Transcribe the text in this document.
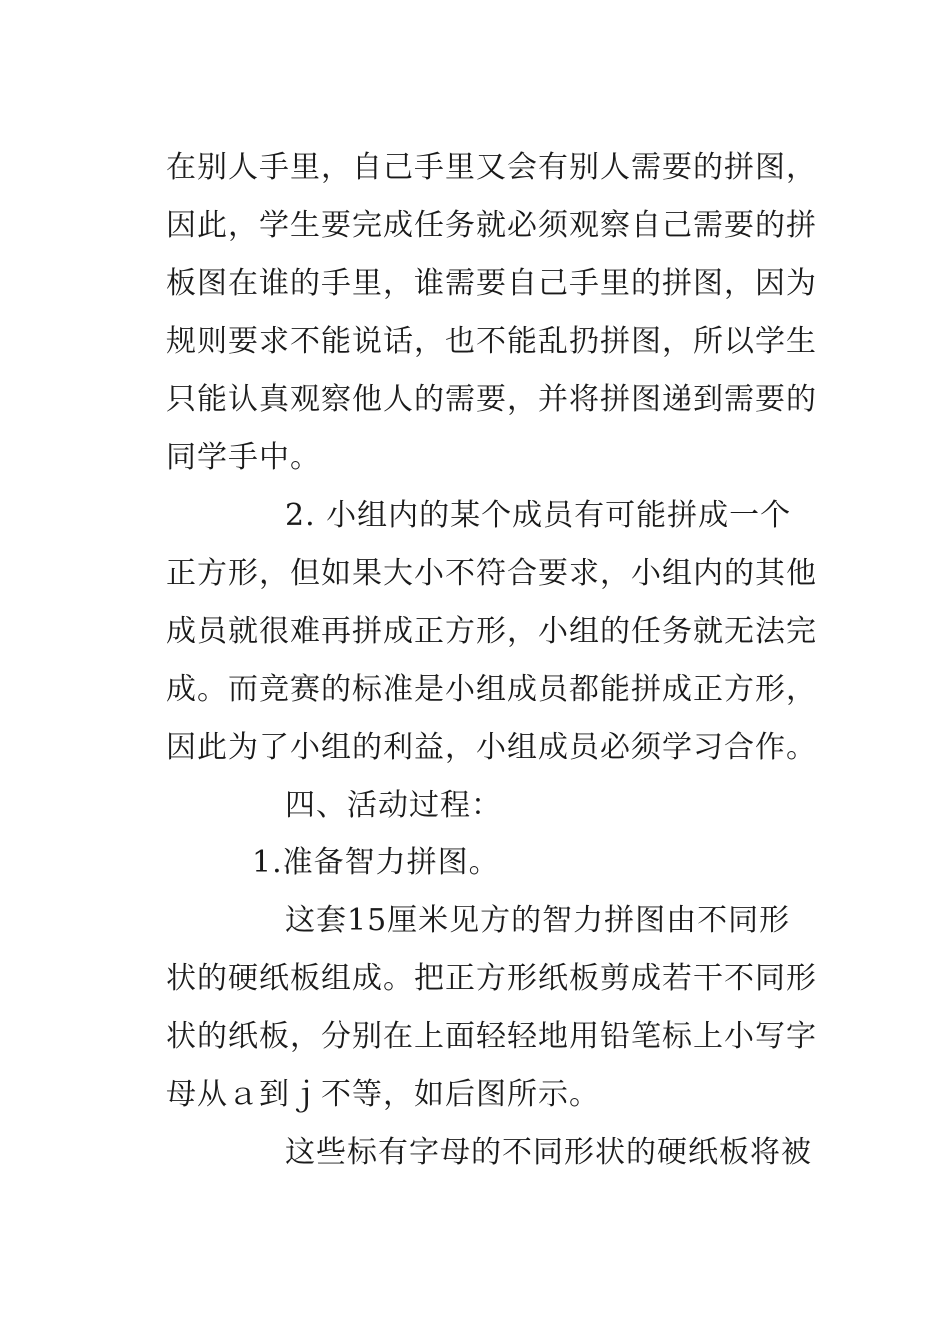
在别人手里，自己手里又会有别人需要的拼图，
因此，学生要完成任务就必须观察自己需要的拼
板图在谁的手里，谁需要自己手里的拼图，因为
规则要求不能说话，也不能乱扔拼图，所以学生
只能认真观察他人的需要，并将拼图递到需要的
同学手中。
2. 小组内的某个成员有可能拼成一个
正方形，但如果大小不符合要求，小组内的其他
成员就很难再拼成正方形，小组的任务就无法完
成。而竞赛的标准是小组成员都能拼成正方形，
因此为了小组的利益，小组成员必须学习合作。
四、活动过程：
1.准备智力拼图。
这套15厘米见方的智力拼图由不同形
状的硬纸板组成。把正方形纸板剪成若干不同形
状的纸板，分别在上面轻轻地用铅笔标上小写字
母从ａ到ｊ不等，如后图所示。
这些标有字母的不同形状的硬纸板将被
